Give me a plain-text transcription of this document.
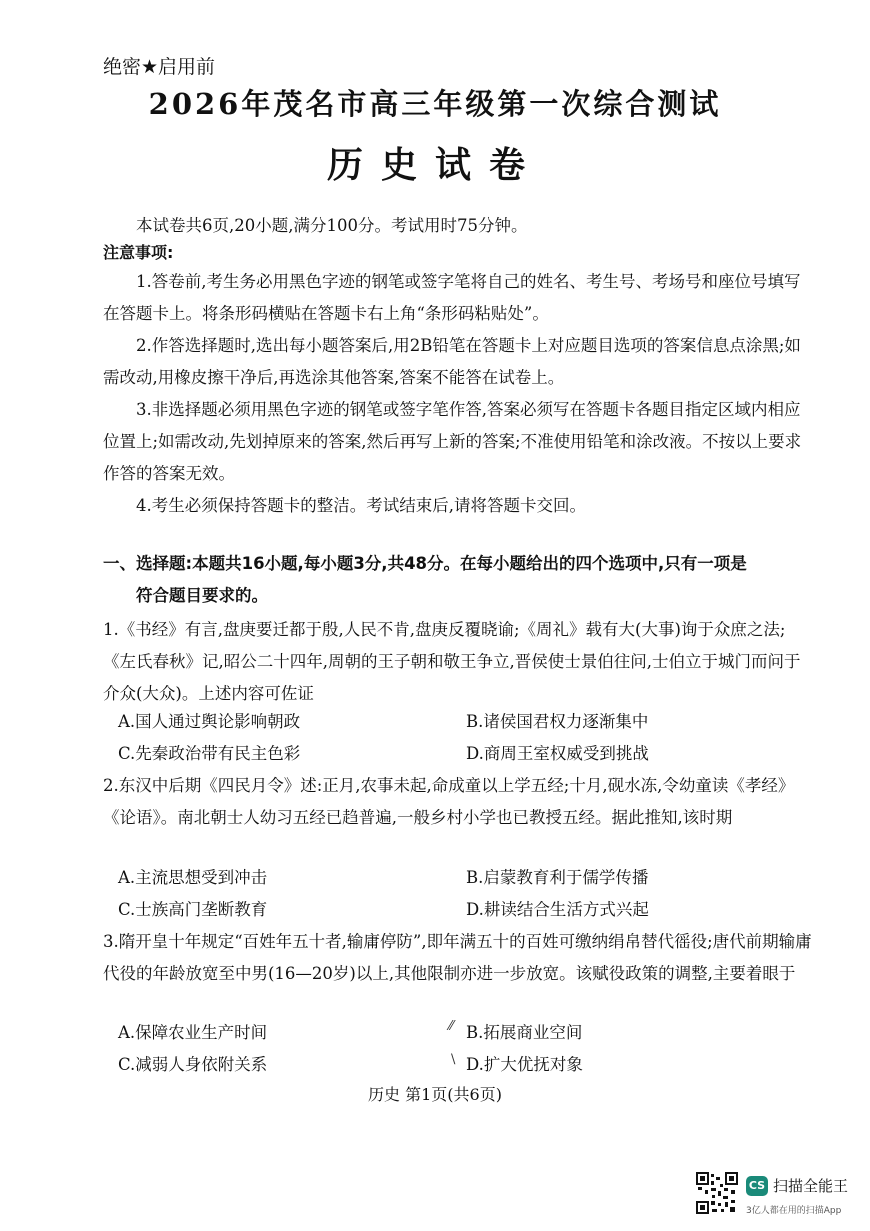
绝密★启用前
2026年茂名市高三年级第一次综合测试
历史试卷
本试卷共6页,20小题,满分100分。考试用时75分钟。
注意事项:
1.答卷前,考生务必用黑色字迹的钢笔或签字笔将自己的姓名、考生号、考场号和座位号填写在答题卡上。将条形码横贴在答题卡右上角“条形码粘贴处”。
2.作答选择题时,选出每小题答案后,用2B铅笔在答题卡上对应题目选项的答案信息点涂黑;如需改动,用橡皮擦干净后,再选涂其他答案,答案不能答在试卷上。
3.非选择题必须用黑色字迹的钢笔或签字笔作答,答案必须写在答题卡各题目指定区域内相应位置上;如需改动,先划掉原来的答案,然后再写上新的答案;不准使用铅笔和涂改液。不按以上要求作答的答案无效。
4.考生必须保持答题卡的整洁。考试结束后,请将答题卡交回。
一、选择题:本题共16小题,每小题3分,共48分。在每小题给出的四个选项中,只有一项是
符合题目要求的。
1.《书经》有言,盘庚要迁都于殷,人民不肯,盘庚反覆晓谕;《周礼》载有大(大事)询于众庶之法;《左氏春秋》记,昭公二十四年,周朝的王子朝和敬王争立,晋侯使士景伯往问,士伯立于城门而问于介众(大众)。上述内容可佐证
A.国人通过舆论影响朝政	B.诸侯国君权力逐渐集中
C.先秦政治带有民主色彩	D.商周王室权威受到挑战
2.东汉中后期《四民月令》述:正月,农事未起,命成童以上学五经;十月,砚水冻,令幼童读《孝经》《论语》。南北朝士人幼习五经已趋普遍,一般乡村小学也已教授五经。据此推知,该时期
A.主流思想受到冲击	B.启蒙教育利于儒学传播
C.士族高门垄断教育	D.耕读结合生活方式兴起
3.隋开皇十年规定“百姓年五十者,输庸停防”,即年满五十的百姓可缴纳绢帛替代徭役;唐代前期输庸代役的年龄放宽至中男(16—20岁)以上,其他限制亦进一步放宽。该赋役政策的调整,主要着眼于
A.保障农业生产时间	B.拓展商业空间
C.减弱人身依附关系	D.扩大优抚对象
⁄⁄
\
历史 第1页(共6页)
CS 扫描全能王
3亿人都在用的扫描App
